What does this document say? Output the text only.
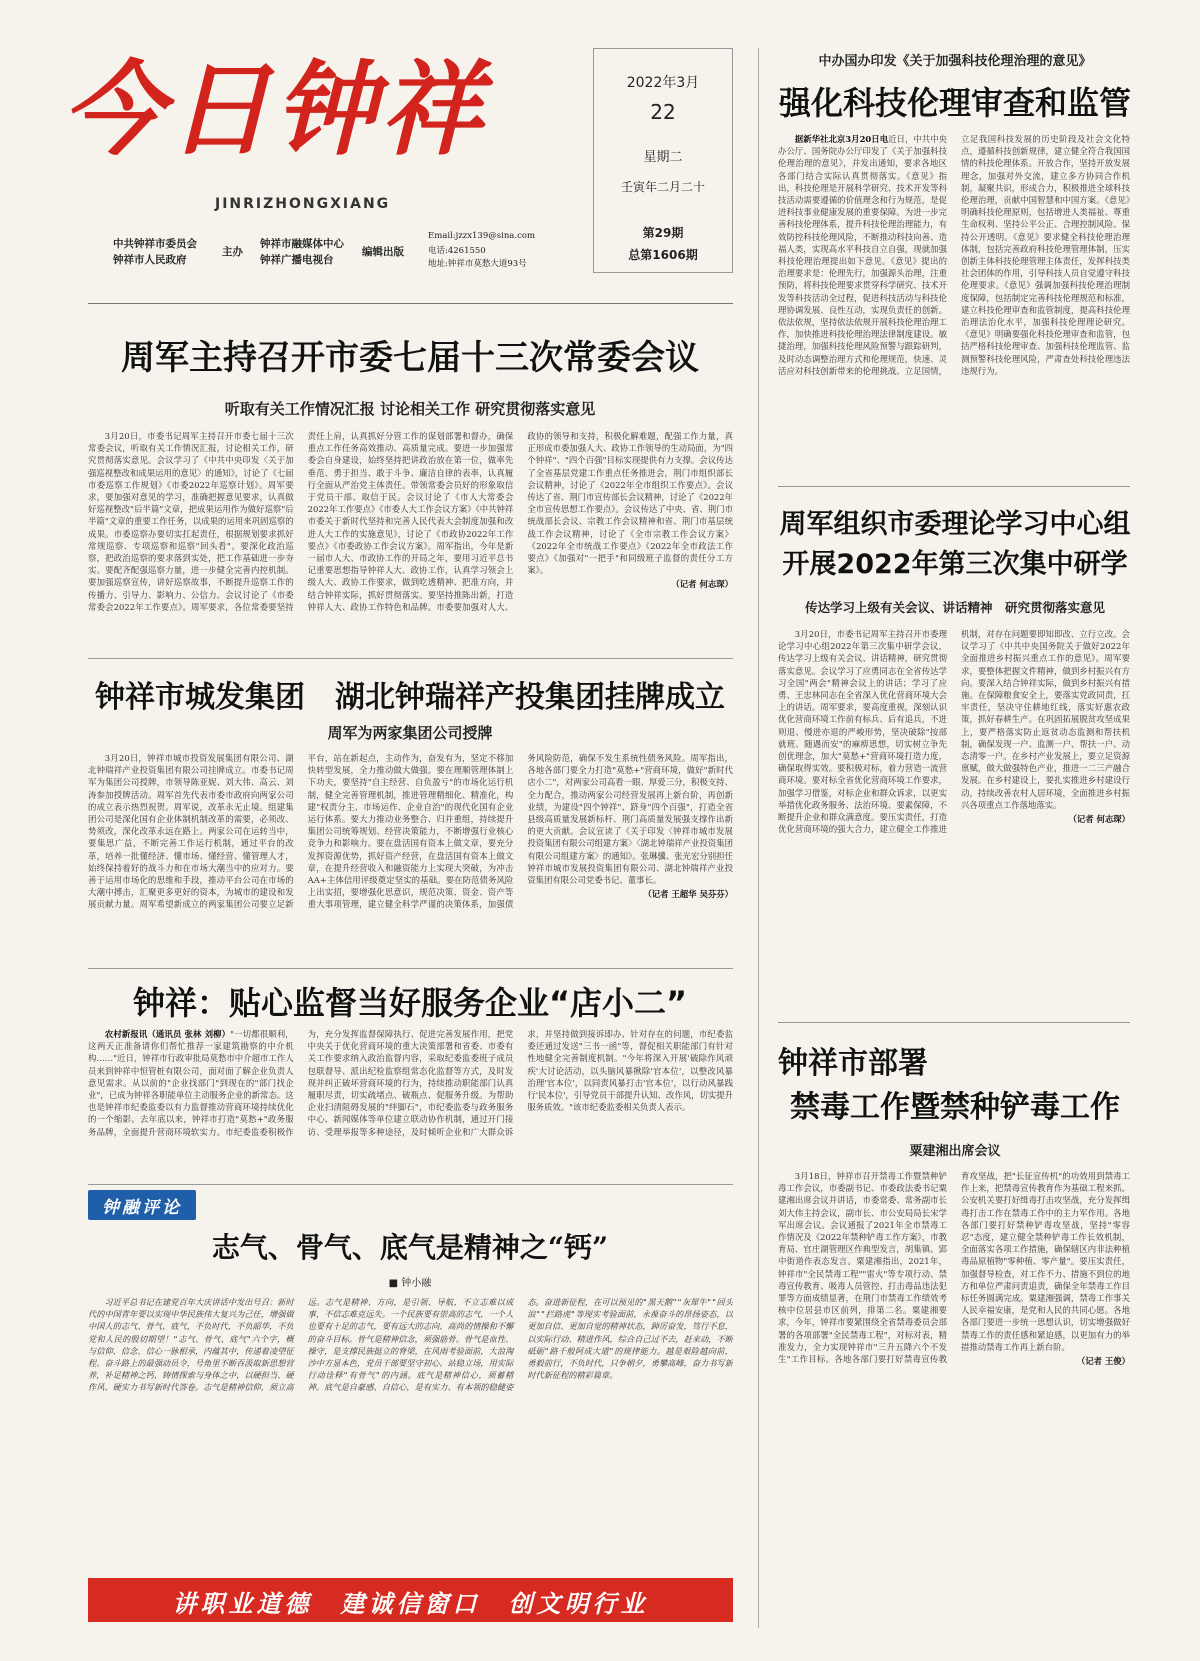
今日钟祥
JINRIZHONGXIANG
中共钟祥市委员会
钟祥市人民政府
主办
钟祥市融媒体中心
钟祥广播电视台
编辑出版
Email:jzzx139@sina.com
电话:4261550
地址:钟祥市莫愁大道93号
2022年3月
22
星期二
壬寅年二月二十
第29期
总第1606期
周军主持召开市委七届十三次常委会议
听取有关工作情况汇报 讨论相关工作 研究贯彻落实意见

3月20日，市委书记周军主持召开市委七届十三次常委会议，听取有关工作情况汇报，讨论相关工作，研究贯彻落实意见。会议学习了《中共中央印发〈关于加强巡视整改和成果运用的意见〉的通知》，讨论了《七届市委巡察工作规划》《市委2022年巡察计划》。周军要求，要加强对意见的学习，准确把握意见要求，认真做好巡视整改"后半篇"文章，把成果运用作为做好巡察"后半篇"文章的重要工作任务，以成果的运用来巩固巡察的成果。市委巡察办要切实扛起责任，根据规划要求抓好常规巡察、专项巡察和巡察"回头看"。要深化政治巡察，把政治巡察的要求落到实处，把工作基础进一步夯实。要配齐配强巡察力量，进一步健全完善内控机制。要加强巡察宣传，讲好巡察故事，不断提升巡察工作的传播力、引导力、影响力、公信力。会议讨论了《市委常委会2022年工作要点》。周军要求，各位常委要坚持责任上肩，认真抓好分管工作的谋划部署和督办，确保重点工作任务高效推动、高质量完成。要进一步加强常委会自身建设，始终坚持把讲政治放在第一位，做率先垂范、勇于担当、敢于斗争、廉洁自律的表率，认真履行全面从严治党主体责任。带领常委会员好的形象取信于党员干部、取信于民。会议讨论了《市人大常委会2022年工作要点》《市委人大工作会议方案》《中共钟祥市委关于新时代坚持和完善人民代表大会制度加强和改进人大工作的实施意见》，讨论了《市政协2022年工作要点》《市委政协工作会议方案》。周军指出，今年是新一届市人大、市政协工作的开局之年，要用习近平总书记重要思想指导钟祥人大、政协工作，认真学习领会上级人大、政协工作要求，做到吃透精神、把准方向，并结合钟祥实际，抓好贯彻落实。要坚持推陈出新，打造钟祥人大、政协工作特色和品牌。市委要加强对人大、政协的领导和支持，积极化解难题，配强工作力量，真正形成市委加强人大、政协工作领导的生动局面，为"四个钟祥"、"四个百强"目标实现提供有力支撑。会议传达了全省基层党建工作重点任务推进会，荆门市组织部长会议精神，讨论了《2022年全市组织工作要点》。会议传达了省、荆门市宣传部长会议精神，讨论了《2022年全市宣传思想工作要点》。会议传达了中央、省、荆门市统战部长会议、宗教工作会议精神和省、荆门市基层统战工作会议精神，讨论了《全市宗教工作会议方案》《2022年全市统战工作要点》《2022年全市政法工作要点》《加强对"一把手"和同级班子监督的责任分工方案》。

（记者 何志琛）

钟祥市城发集团　湖北钟瑞祥产投集团挂牌成立
周军为两家集团公司授牌

3月20日，钟祥市城市投资发展集团有限公司、湖北钟瑞祥产业投资集团有限公司挂牌成立。市委书记周军为集团公司授牌，市领导陈亚妮、刘大伟、高云、刘涛参加授牌活动。周军首先代表市委市政府向两家公司的成立表示热烈祝贺。周军说，改革永无止境。组建集团公司是深化国有企业体制机制改革的需要，必须改、势须改，深化改革永远在路上。两家公司在运转当中，要集思广益，不断完善工作运行机制，通过平台的改革，培养一批懂经济、懂市场、懂经营、懂管理人才，始终保持着好的战斗力和在市场大潮当中的应对力。要善于运用市场化的思维和手段，推动平台公司在市场的大潮中搏击，汇聚更多更好的资本，为城市的建设和发展贡献力量。周军希望新成立的两家集团公司要立足新平台，站在新起点，主动作为，奋发有为，坚定不移加快转型发展，全力推动做大做强。要在理顺管理体制上下功夫，要坚持"自主经营、自负盈亏"的市场化运行机制，健全完善管理机制，推进管理精细化、精准化，构建"权责分主、市场运作、企业自治"的现代化国有企业运行体系。要大力推动业务整合、归并重组，持续提升集团公司统筹规划、经营决策能力，不断增强行业核心竞争力和影响力。要在盘活国有资本上做文章，要充分发挥资源优势，抓好资产经营，在盘活国有资本上做文章，在提升经营收入和融资能力上实现大突破，为冲击AA+主体信用评级奠定坚实的基础。要在防范债务风险上出实招，要增强化思意识，规范决策、资金、资产等重大事项管理，建立健全科学严谨的决策体系，加强债务风险防范，确保不发生系统性债务风险。周军指出，各地各部门要全力打造"莫愁+"营商环境，做好"新时代店小二"，对两家公司高看一眼、厚爱三分，积极支持、全力配合，推动两家公司经营发展再上新台阶，再创新业绩，为建设"四个钟祥"、跻身"四个百强"，打造全省县级高质量发展新标杆、荆门高质量发展强支撑作出新的更大贡献。会议宣读了《关于印发〈钟祥市城市发展投资集团有限公司组建方案〉〈湖北钟瑞祥产业投资集团有限公司组建方案〉的通知》。张琳骥、张光宏分别担任钟祥市城市发展投资集团有限公司、湖北钟瑞祥产业投资集团有限公司党委书记、董事长。

（记者 王超华 吴芬芬）

钟祥：贴心监督当好服务企业“店小二”

农村新报讯（通讯员 张林 刘柳）"一切都很顺利，这两天正准备请你们帮忙推荐一家建筑勘察的中介机构……"近日，钟祥市行政审批局莫愁市中介超市工作人员来到钟祥中恒管桩有限公司，面对面了解企业负责人意见需求。从以前的"企业找部门"到现在的"部门找企业"，已成为钟祥各职能单位主动服务企业的新常态。这也是钟祥市纪委监委以有力监督推动营商环境持续优化的一个缩影。去年底以来，钟祥市打造"莫愁+"政务服务品牌，全面提升营商环境软实力。市纪委监委积极作为，充分发挥监督保障执行、促进完善发展作用，把党中央关于优化营商环境的重大决策部署和省委、市委有关工作要求纳入政治监督内容，采取纪委监委班子成员包联督导、派出纪检监察组常态化监督等方式，及时发现并纠正破坏营商环境的行为，持续推动职能部门认真履职尽责，切实疏堵点、破瓶点、促服务升级。为帮助企业扫清阻碍发展的"绊脚石"，市纪委监委与政务服务中心、新闻媒体等单位建立联动协作机制，通过开门接访、受理举报等多种途径，及时倾听企业和广大群众诉求，并坚持做到接诉即办、针对存在的问题，市纪委监委还通过发送"三书一函"等，督促相关职能部门有针对性地健全完善制度机制。"今年将深入开展'破除作风顽疾'大讨论活动，以头脑风暴揪除'官本位'，以整改风暴治理'官本位'，以同责风暴打击'官本位'，以行动风暴践行'民本位'，引导党员干部提升认知、改作风，切实提升服务质效。"该市纪委监委相关负责人表示。

钟融评论
志气、骨气、底气是精神之“钙”
■ 钟小融

习近平总书记在建党百年大庆讲话中发出号召：新时代的中国青年要以实现中华民族伟大复兴为己任，增强做中国人的志气、骨气、底气，不负时代，不负韶华，不负党和人民的殷切期望！"志气、骨气、底气"六个字，概与信仰、信念、信心一脉相承，内蕴其中，传递着凌望征程、奋斗路上的最强动员令，号角里不断吞汲取新思想营养，补足精神之钙，铸情探索与身体之中，以硬担当、硬作风、硬实力书写新时代答卷。志气是精神信仰，须立高远。志气是精神、方向，是引领、导航，不立志难以成事，不信志难克远失。一个民族要有崇高的志气，一个人也要有十足的志气，要有远大的志向、高尚的情操和不懈的奋斗目标。骨气是精神信念，须强筋骨。骨气是血性、操守，是支撑民族挺立的脊梁，在风雨考验面前，大浪淘沙中方显本色，党员干部要坚守初心、站稳立场，用实际行动诠释"有骨气"的内涵。底气是精神信心，须蓄精神。底气是自豪感、自信心，是有实力、有本领的稳健姿态。奋进新征程，在可以预见的"黑天鹅""灰犀牛""回头浪""拦路虎"等现实考验面前，永葆奋斗的昂扬姿态，以更加自信、更加自觉的精神状态，踔厉奋发，笃行不怠，以实际行动、精进作风，综合自己过不去，赶来动，不断砥砺"路千般阿成大道"的规律能力。越是艰险越向前，勇毅前行，不负时代，只争朝夕，勇攀高峰，奋力书写新时代新征程的精彩篇章。

讲职业道德　建诚信窗口　创文明行业
中办国办印发《关于加强科技伦理治理的意见》
强化科技伦理审查和监管

据新华社北京3月20日电近日，中共中央办公厅、国务院办公厅印发了《关于加强科技伦理治理的意见》，并发出通知，要求各地区各部门结合实际认真贯彻落实。《意见》指出，科技伦理是开展科学研究、技术开发等科技活动需要遵循的价值理念和行为规范，是促进科技事业健康发展的重要保障。为进一步完善科技伦理体系，提升科技伦理治理能力，有效防控科技伦理风险，不断推动科技向善、造福人类，实现高水平科技自立自强，现就加强科技伦理治理提出如下意见。《意见》提出的治理要求是：伦理先行，加强源头治理，注重预防，将科技伦理要求贯穿科学研究、技术开发等科技活动全过程，促进科技活动与科技伦理协调发展、良性互动，实现负责任的创新。依法依规，坚持依法依规开展科技伦理治理工作，加快推进科技伦理治理法律制度建设。敏捷治理，加强科技伦理风险预警与跟踪研判，及时动态调整治理方式和伦理规范，快速、灵活应对科技创新带来的伦理挑战。立足国情，立足我国科技发展的历史阶段及社会文化特点，遵循科技创新规律，建立健全符合我国国情的科技伦理体系。开放合作，坚持开放发展理念，加强对外交流，建立多方协同合作机制，凝聚共识，形成合力，积极推进全球科技伦理治理，贡献中国智慧和中国方案。《意见》明确科技伦理原则，包括增进人类福祉、尊重生命权利、坚持公平公正、合理控制风险、保持公开透明。《意见》要求健全科技伦理治理体制，包括完善政府科技伦理管理体制，压实创新主体科技伦理管理主体责任，发挥科技类社会团体的作用，引导科技人员自觉遵守科技伦理要求。《意见》强调加强科技伦理治理制度保障，包括制定完善科技伦理规范和标准，建立科技伦理审查和监管制度，提高科技伦理治理法治化水平，加强科技伦理理论研究。《意见》明确要强化科技伦理审查和监管，包括严格科技伦理审查、加强科技伦理监管、监测预警科技伦理风险，严肃查处科技伦理违法违规行为。

周军组织市委理论学习中心组
开展2022年第三次集中研学
传达学习上级有关会议、讲话精神　研究贯彻落实意见

3月20日，市委书记周军主持召开市委理论学习中心组2022年第三次集中研学会议，传达学习上级有关会议、讲话精神，研究贯彻落实意见。会议学习了应勇同志在全省传达学习全国"两会"精神会议上的讲话；学习了应勇、王忠林同志在全省深入优化营商环境大会上的讲话。周军要求，要高度重视，深刻认识优化营商环境工作前有标兵、后有追兵，不进则退、慢进亦退的严峻形势，坚决破除"按部就班、随遇而安"的麻痹思想，切实树立争先创优理念，加大"莫愁+"营商环境打造力度，确保取得实效。要积极对标，着力营造一流营商环境。要对标全省优化营商环境工作要求，加强学习借鉴，对标企业和群众诉求，以更实举措优化政务服务、法治环境、要素保障，不断提升企业和群众满意度。要压实责任，打造优化营商环境的强大合力，建立健全工作推进机制，对存在问题要即知即改、立行立改。会议学习了《中共中央国务院关于做好2022年全面推进乡村振兴重点工作的意见》。周军要求，要整体把握文件精神，做到乡村振兴有方向。要深入结合钟祥实际，做到乡村振兴有措施。在保障粮食安全上，要落实党政同责，扛牢责任，坚决守住耕地红线，落实好惠农政策，抓好春耕生产。在巩固拓展脱贫攻坚成果上，要严格落实防止返贫动态监测和帮扶机制，确保发现一户、监测一户、帮扶一户、动态清零一户。在乡村产业发展上，要立足资源禀赋，做大做强特色产业，推进一二三产融合发展。在乡村建设上，要扎实推进乡村建设行动，持续改善农村人居环境，全面推进乡村振兴各项重点工作落地落实。

（记者 何志琛）

钟祥市部署
禁毒工作暨禁种铲毒工作
粟建湘出席会议

3月18日，钟祥市召开禁毒工作暨禁种铲毒工作会议，市委副书记、市委政法委书记粟建湘出席会议并讲话，市委常委、常务副市长刘大伟主持会议，副市长、市公安局局长宋学军出席会议。会议通报了2021年全市禁毒工作情况及《2022年禁种铲毒工作方案》，市教育局、官庄湖管理区作典型发言，胡集镇、郢中街道作表态发言。粟建湘指出，2021年，钟祥市"全民禁毒工程""雷火"等专项行动、禁毒宣传教育、吸毒人员管控、打击毒品违法犯罪等方面成绩显著，在荆门市禁毒工作绩效考核中位居县市区前列，排第二名。粟建湘要求，今年，钟祥市要紧围绕全省禁毒委员会部署的各项部署"全民禁毒工程"，对标对表，精准发力，全力实现钟祥市"三升五降六个不发生"工作目标。各地各部门要打好禁毒宣传教育攻坚战，把"长征宣传机"的功效用到禁毒工作上来，把禁毒宣传教育作为基础工程来抓。公安机关要打好缉毒打击攻坚战，充分发挥缉毒打击工作在禁毒工作中的主力军作用。各地各部门要打好禁种铲毒攻坚战，坚持"零容忍"态度，建立健全禁种铲毒工作长效机制，全面落实各项工作措施，确保辖区内非法种植毒品原植物"零种植、零产量"。要压实责任，加强督导检查，对工作不力、措施不到位的地方和单位严肃问责追责，确保全年禁毒工作目标任务圆满完成。粟建湘强调，禁毒工作事关人民幸福安康，是党和人民的共同心愿。各地各部门要进一步统一思想认识，切实增强做好禁毒工作的责任感和紧迫感，以更加有力的举措推动禁毒工作再上新台阶。

（记者 王俊）
